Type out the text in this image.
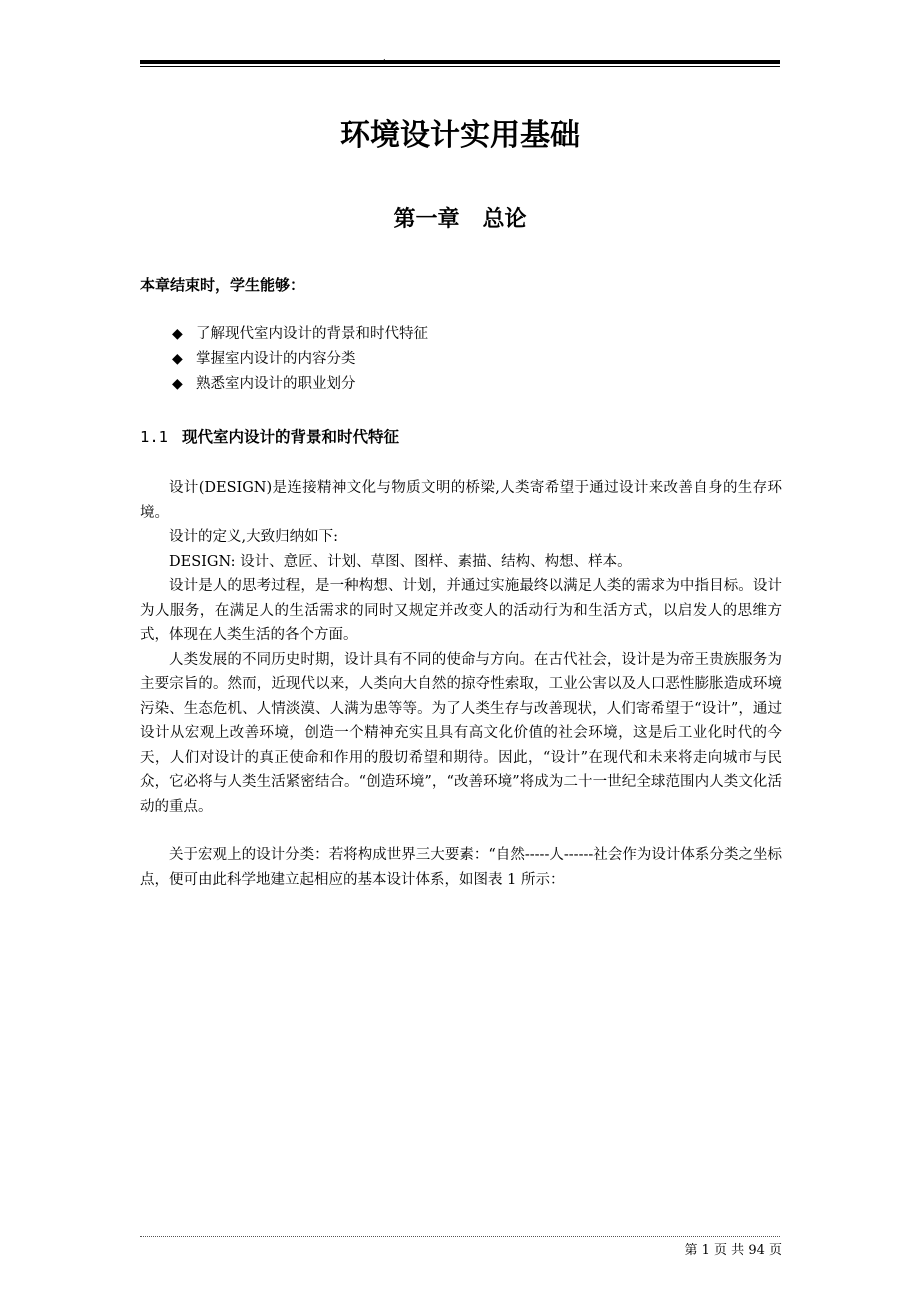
.
环境设计实用基础
第一章   总论
本章结束时，学生能够：
◆ 了解现代室内设计的背景和时代特征
◆ 掌握室内设计的内容分类
◆ 熟悉室内设计的职业划分
1.1 现代室内设计的背景和时代特征

设计(DESIGN)是连接精神文化与物质文明的桥梁,人类寄希望于通过设计来改善自身的生存环境。

设计的定义,大致归纳如下:

DESIGN: 设计、意匠、计划、草图、图样、素描、结构、构想、样本。

设计是人的思考过程，是一种构想、计划，并通过实施最终以满足人类的需求为中指目标。设计为人服务，在满足人的生活需求的同时又规定并改变人的活动行为和生活方式，以启发人的思维方式，体现在人类生活的各个方面。

人类发展的不同历史时期，设计具有不同的使命与方向。在古代社会，设计是为帝王贵族服务为主要宗旨的。然而，近现代以来，人类向大自然的掠夺性索取，工业公害以及人口恶性膨胀造成环境污染、生态危机、人情淡漠、人满为患等等。为了人类生存与改善现状，人们寄希望于“设计”，通过设计从宏观上改善环境，创造一个精神充实且具有高文化价值的社会环境，这是后工业化时代的今天，人们对设计的真正使命和作用的殷切希望和期待。因此，“设计”在现代和未来将走向城市与民众，它必将与人类生活紧密结合。“创造环境”，“改善环境”将成为二十一世纪全球范围内人类文化活动的重点。

关于宏观上的设计分类：若将构成世界三大要素：“自然-----人------社会作为设计体系分类之坐标点，便可由此科学地建立起相应的基本设计体系，如图表 1 所示：

第 1 页 共 94 页
